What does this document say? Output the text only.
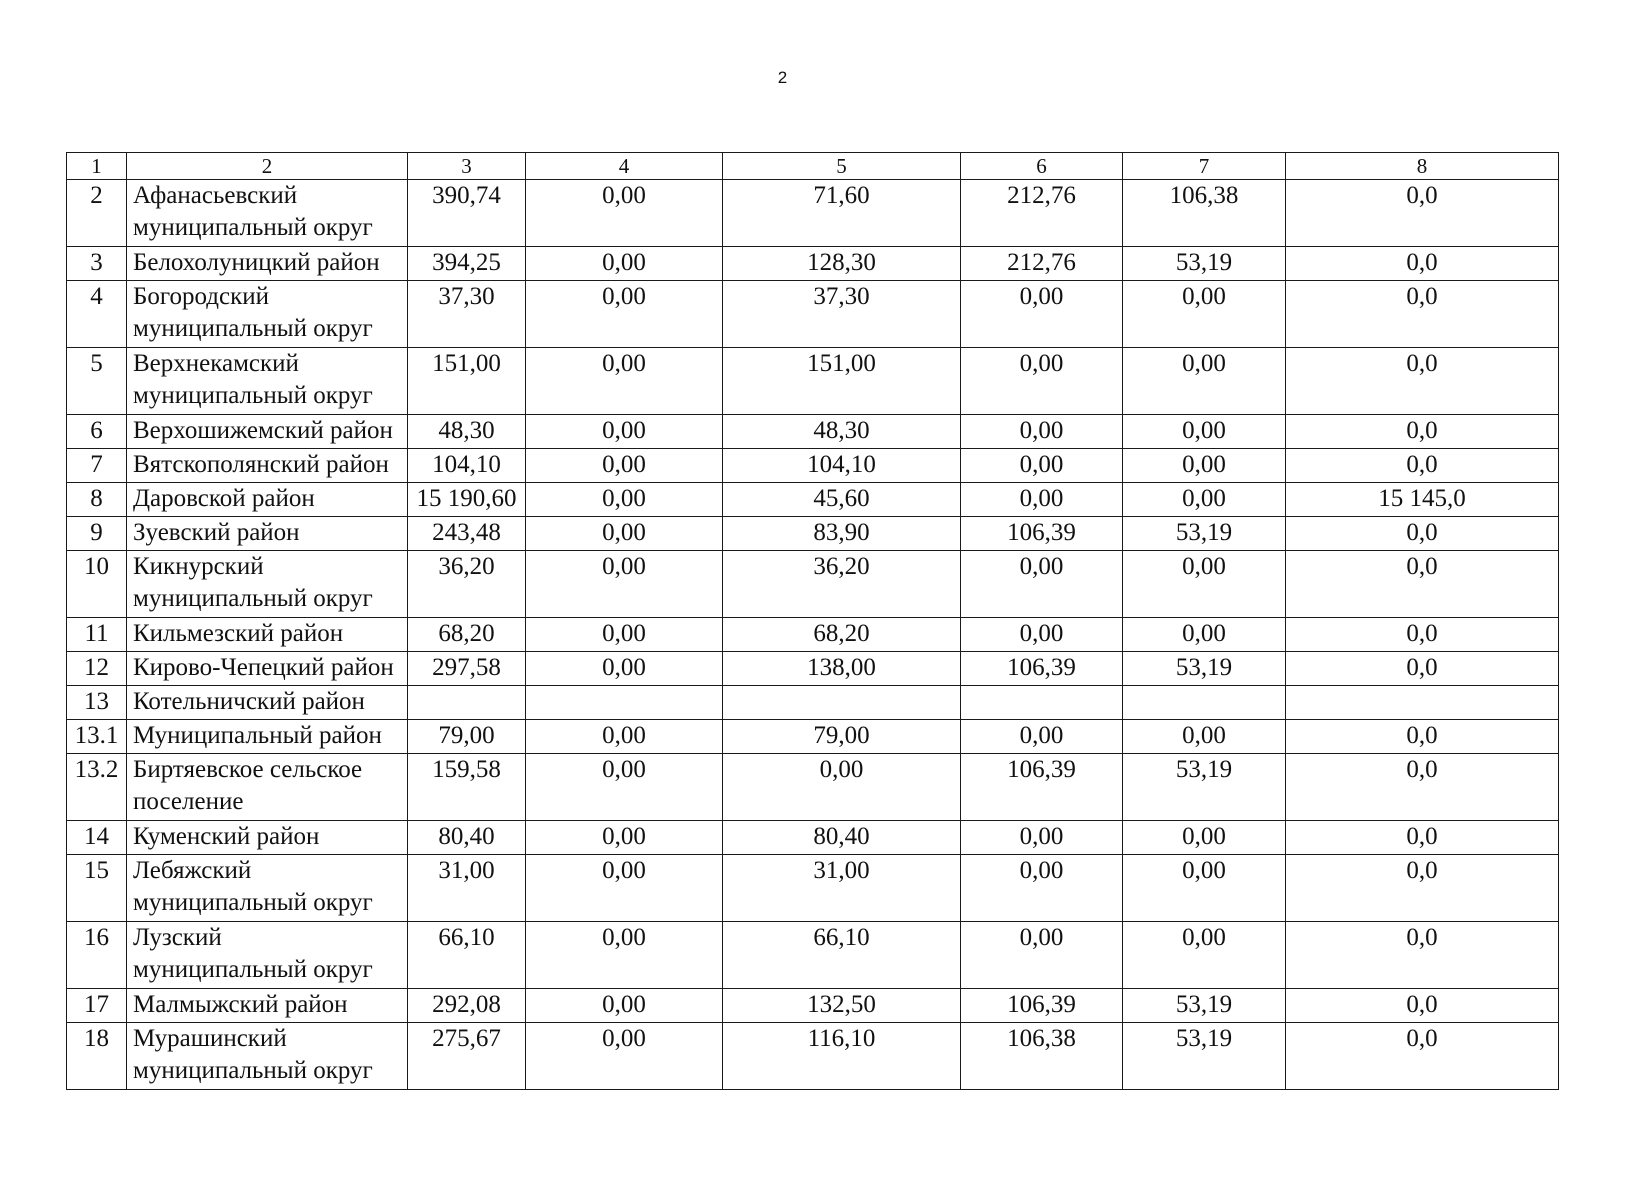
2
1	2	3	4	5	6	7	8
2	Афанасьевский муниципальный округ	390,74	0,00	71,60	212,76	106,38	0,0
3	Белохолуницкий район	394,25	0,00	128,30	212,76	53,19	0,0
4	Богородский муниципальный округ	37,30	0,00	37,30	0,00	0,00	0,0
5	Верхнекамский муниципальный округ	151,00	0,00	151,00	0,00	0,00	0,0
6	Верхошижемский район	48,30	0,00	48,30	0,00	0,00	0,0
7	Вятскополянский район	104,10	0,00	104,10	0,00	0,00	0,0
8	Даровской район	15 190,60	0,00	45,60	0,00	0,00	15 145,0
9	Зуевский район	243,48	0,00	83,90	106,39	53,19	0,0
10	Кикнурский муниципальный округ	36,20	0,00	36,20	0,00	0,00	0,0
11	Кильмезский район	68,20	0,00	68,20	0,00	0,00	0,0
12	Кирово-Чепецкий район	297,58	0,00	138,00	106,39	53,19	0,0
13	Котельничский район						
13.1	Муниципальный район	79,00	0,00	79,00	0,00	0,00	0,0
13.2	Биртяевское сельское поселение	159,58	0,00	0,00	106,39	53,19	0,0
14	Куменский район	80,40	0,00	80,40	0,00	0,00	0,0
15	Лебяжский муниципальный округ	31,00	0,00	31,00	0,00	0,00	0,0
16	Лузский муниципальный округ	66,10	0,00	66,10	0,00	0,00	0,0
17	Малмыжский район	292,08	0,00	132,50	106,39	53,19	0,0
18	Мурашинский муниципальный округ	275,67	0,00	116,10	106,38	53,19	0,0
